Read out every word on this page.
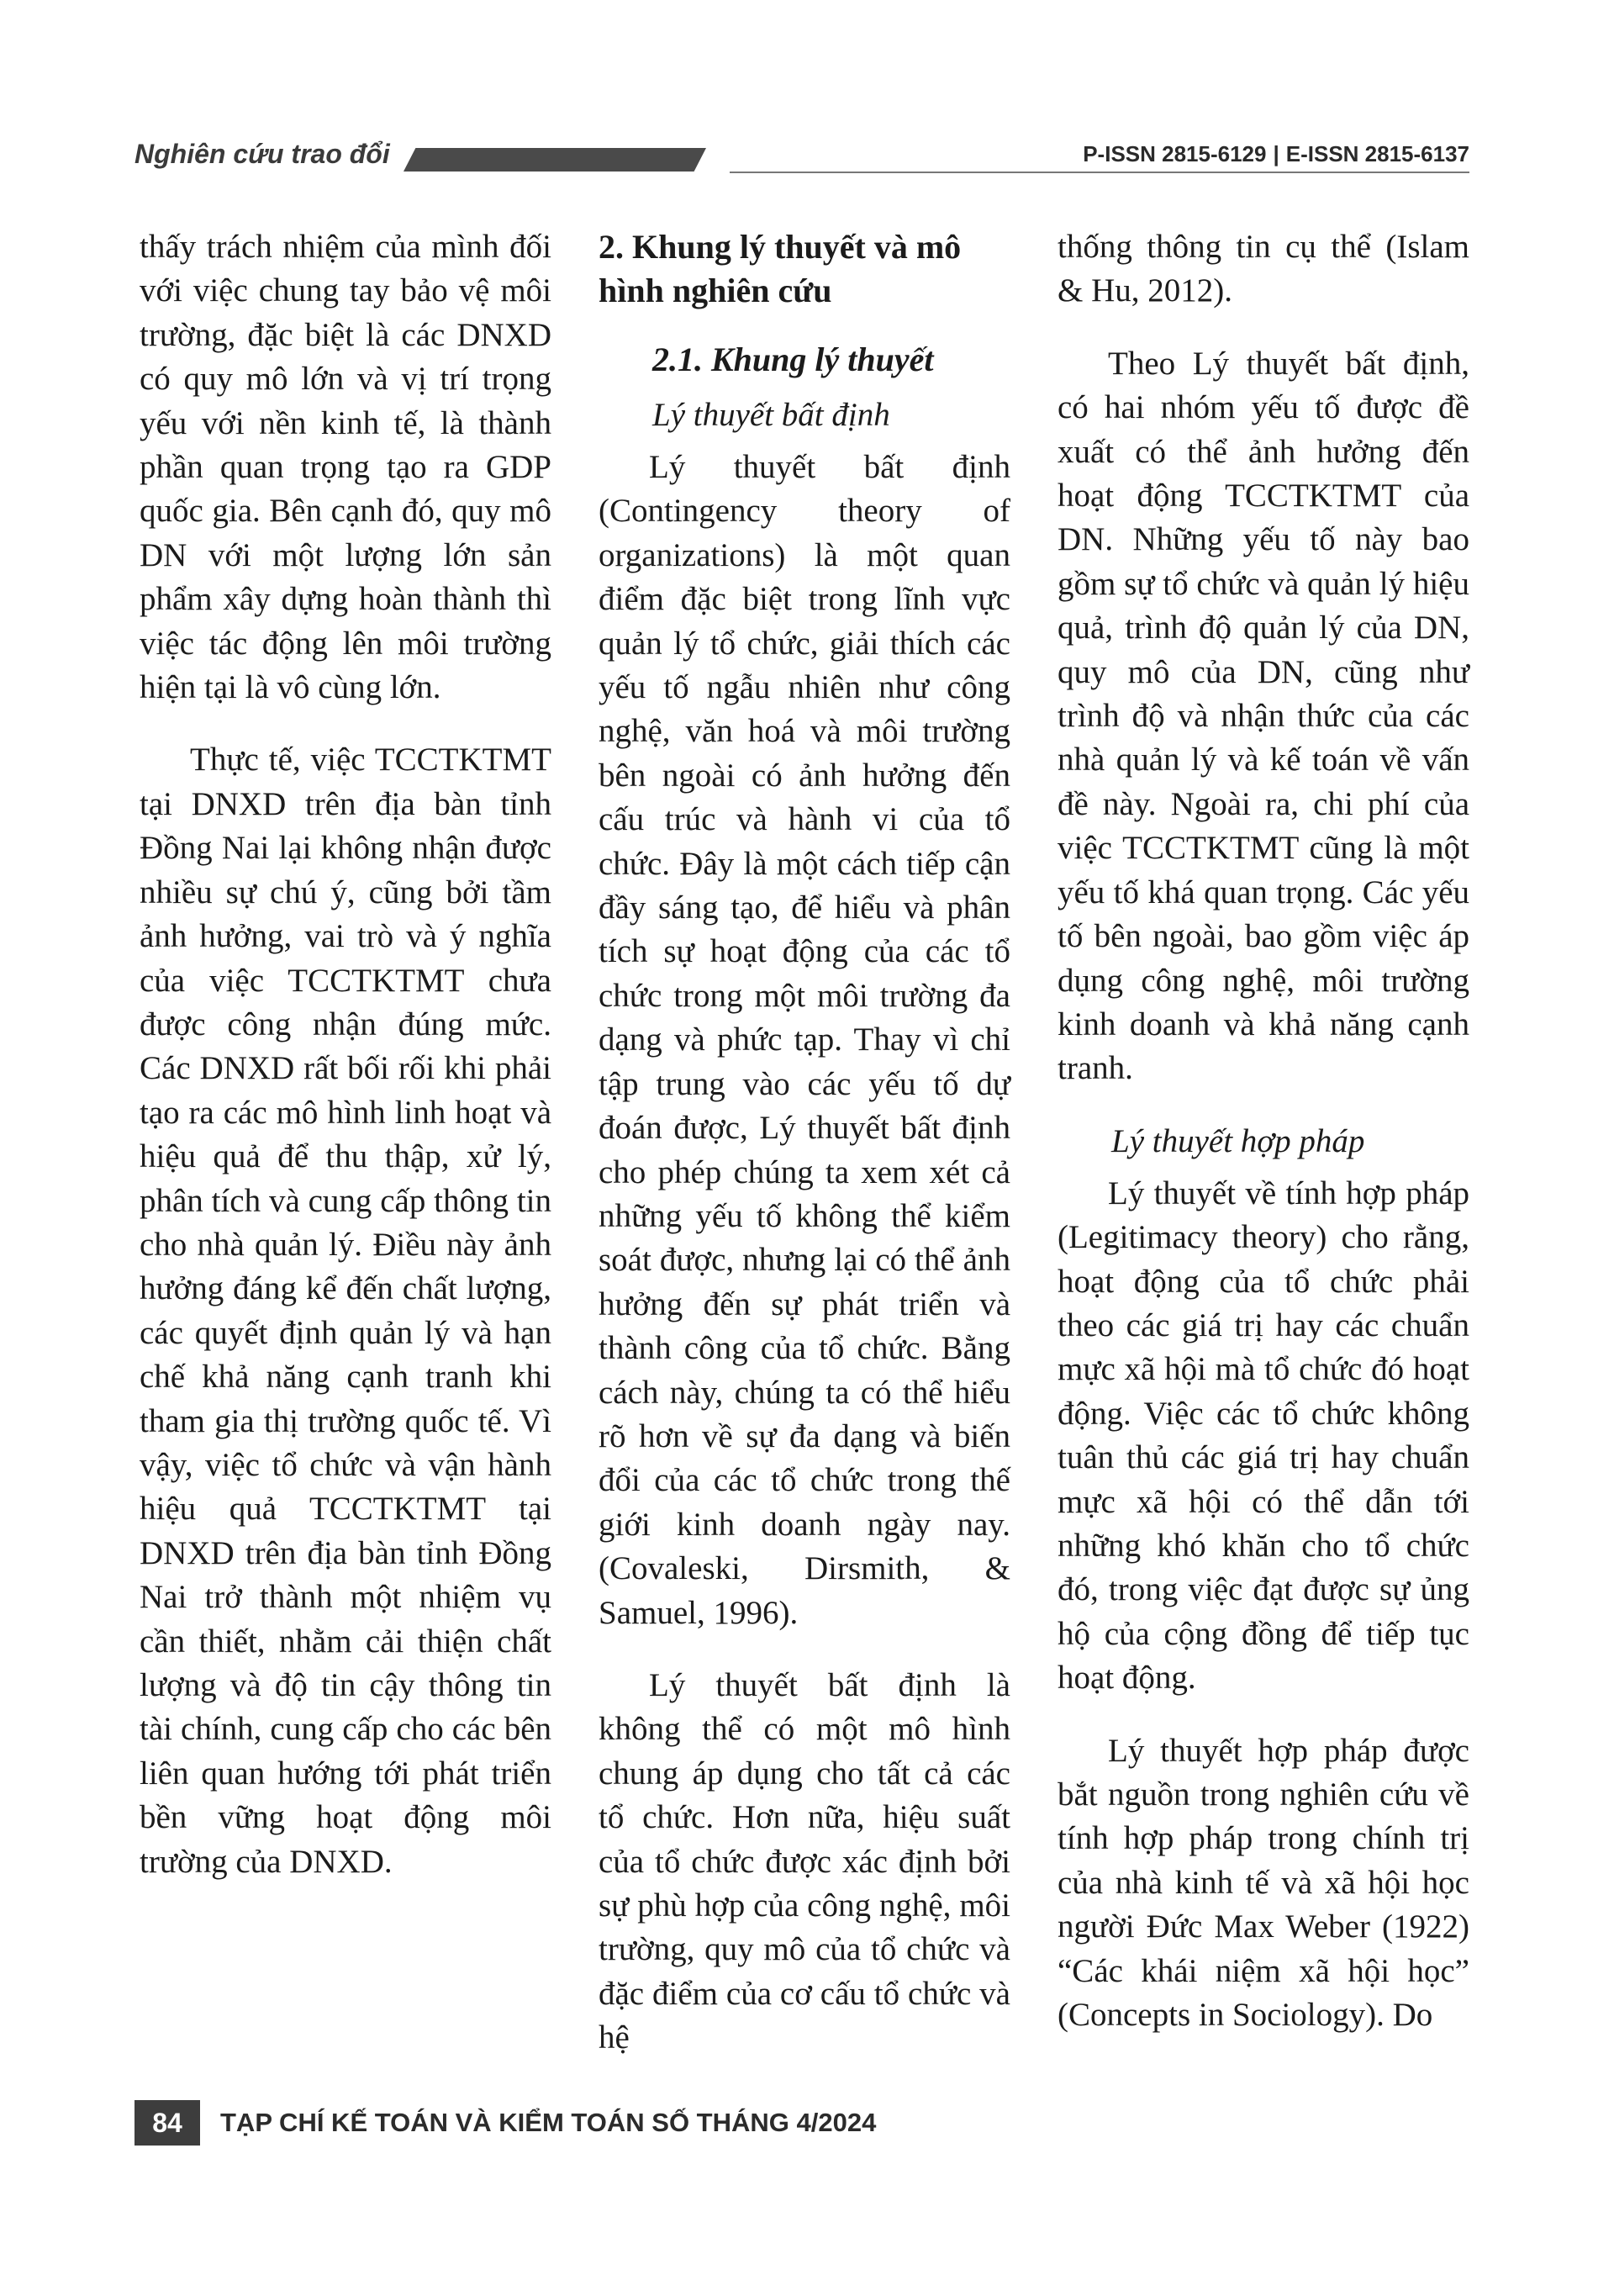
Nghiên cứu trao đổi	P-ISSN 2815-6129 | E-ISSN 2815-6137

thấy trách nhiệm của mình đối với việc chung tay bảo vệ môi trường, đặc biệt là các DNXD có quy mô lớn và vị trí trọng yếu với nền kinh tế, là thành phần quan trọng tạo ra GDP quốc gia. Bên cạnh đó, quy mô DN với một lượng lớn sản phẩm xây dựng hoàn thành thì việc tác động lên môi trường hiện tại là vô cùng lớn.

Thực tế, việc TCCTKTMT tại DNXD trên địa bàn tỉnh Đồng Nai lại không nhận được nhiều sự chú ý, cũng bởi tầm ảnh hưởng, vai trò và ý nghĩa của việc TCCTKTMT chưa được công nhận đúng mức. Các DNXD rất bối rối khi phải tạo ra các mô hình linh hoạt và hiệu quả để thu thập, xử lý, phân tích và cung cấp thông tin cho nhà quản lý. Điều này ảnh hưởng đáng kể đến chất lượng, các quyết định quản lý và hạn chế khả năng cạnh tranh khi tham gia thị trường quốc tế. Vì vậy, việc tổ chức và vận hành hiệu quả TCCTKTMT tại DNXD trên địa bàn tỉnh Đồng Nai trở thành một nhiệm vụ cần thiết, nhằm cải thiện chất lượng và độ tin cậy thông tin tài chính, cung cấp cho các bên liên quan hướng tới phát triển bền vững hoạt động môi trường của DNXD.

2. Khung lý thuyết và mô hình nghiên cứu
2.1. Khung lý thuyết
Lý thuyết bất định

Lý thuyết bất định (Contingency theory of organizations) là một quan điểm đặc biệt trong lĩnh vực quản lý tổ chức, giải thích các yếu tố ngẫu nhiên như công nghệ, văn hoá và môi trường bên ngoài có ảnh hưởng đến cấu trúc và hành vi của tổ chức. Đây là một cách tiếp cận đầy sáng tạo, để hiểu và phân tích sự hoạt động của các tổ chức trong một môi trường đa dạng và phức tạp. Thay vì chỉ tập trung vào các yếu tố dự đoán được, Lý thuyết bất định cho phép chúng ta xem xét cả những yếu tố không thể kiểm soát được, nhưng lại có thể ảnh hưởng đến sự phát triển và thành công của tổ chức. Bằng cách này, chúng ta có thể hiểu rõ hơn về sự đa dạng và biến đổi của các tổ chức trong thế giới kinh doanh ngày nay. (Covaleski, Dirsmith, & Samuel, 1996).

Lý thuyết bất định là không thể có một mô hình chung áp dụng cho tất cả các tổ chức. Hơn nữa, hiệu suất của tổ chức được xác định bởi sự phù hợp của công nghệ, môi trường, quy mô của tổ chức và đặc điểm của cơ cấu tổ chức và hệ

thống thông tin cụ thể (Islam & Hu, 2012).

Theo Lý thuyết bất định, có hai nhóm yếu tố được đề xuất có thể ảnh hưởng đến hoạt động TCCTKTMT của DN. Những yếu tố này bao gồm sự tổ chức và quản lý hiệu quả, trình độ quản lý của DN, quy mô của DN, cũng như trình độ và nhận thức của các nhà quản lý và kế toán về vấn đề này. Ngoài ra, chi phí của việc TCCTKTMT cũng là một yếu tố khá quan trọng. Các yếu tố bên ngoài, bao gồm việc áp dụng công nghệ, môi trường kinh doanh và khả năng cạnh tranh.

Lý thuyết hợp pháp

Lý thuyết về tính hợp pháp (Legitimacy theory) cho rằng, hoạt động của tổ chức phải theo các giá trị hay các chuẩn mực xã hội mà tổ chức đó hoạt động. Việc các tổ chức không tuân thủ các giá trị hay chuẩn mực xã hội có thể dẫn tới những khó khăn cho tổ chức đó, trong việc đạt được sự ủng hộ của cộng đồng để tiếp tục hoạt động.

Lý thuyết hợp pháp được bắt nguồn trong nghiên cứu về tính hợp pháp trong chính trị của nhà kinh tế và xã hội học người Đức Max Weber (1922) “Các khái niệm xã hội học” (Concepts in Sociology). Do

84	TẠP CHÍ KẾ TOÁN VÀ KIỂM TOÁN SỐ THÁNG 4/2024
